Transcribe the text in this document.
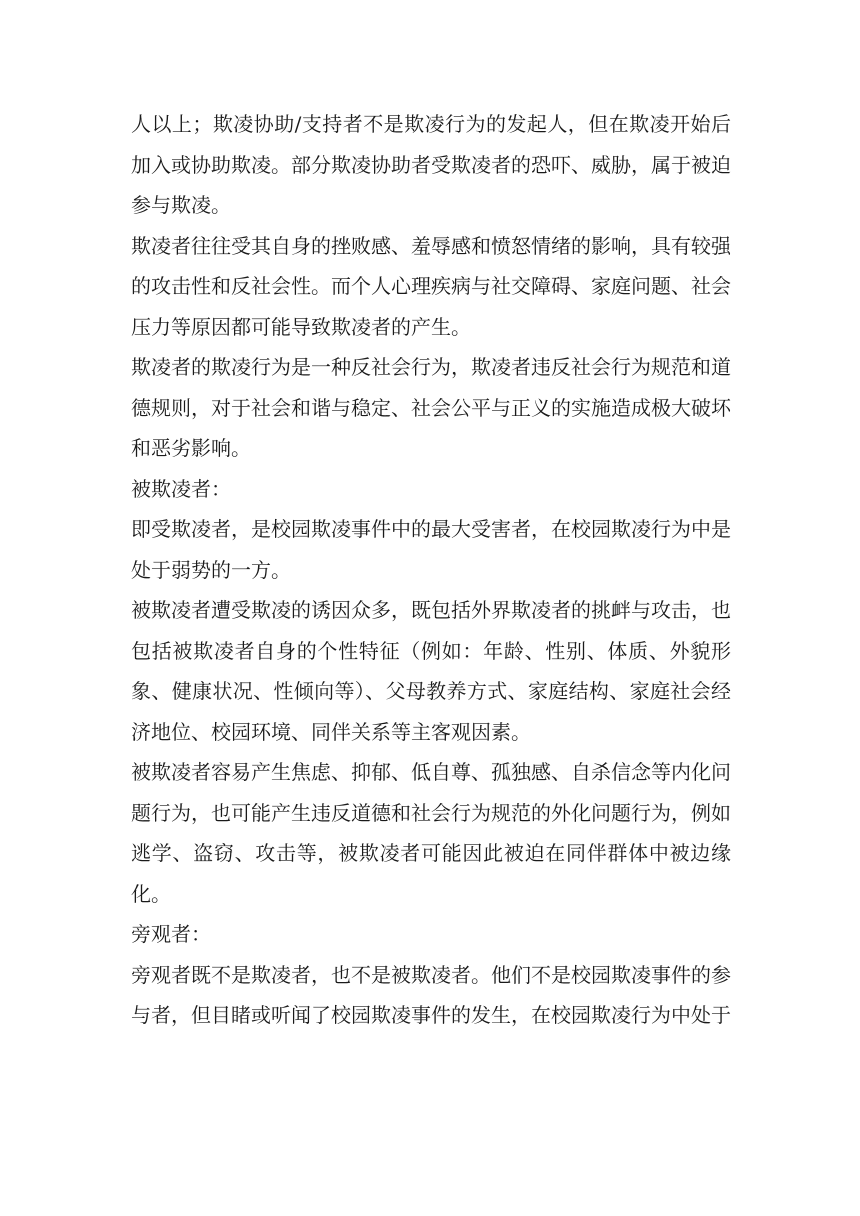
人以上；欺凌协助/支持者不是欺凌行为的发起人，但在欺凌开始后加入或协助欺凌。部分欺凌协助者受欺凌者的恐吓、威胁，属于被迫参与欺凌。

欺凌者往往受其自身的挫败感、羞辱感和愤怒情绪的影响，具有较强的攻击性和反社会性。而个人心理疾病与社交障碍、家庭问题、社会压力等原因都可能导致欺凌者的产生。

欺凌者的欺凌行为是一种反社会行为，欺凌者违反社会行为规范和道德规则，对于社会和谐与稳定、社会公平与正义的实施造成极大破坏和恶劣影响。

被欺凌者：

即受欺凌者，是校园欺凌事件中的最大受害者，在校园欺凌行为中是处于弱势的一方。

被欺凌者遭受欺凌的诱因众多，既包括外界欺凌者的挑衅与攻击，也包括被欺凌者自身的个性特征（例如：年龄、性别、体质、外貌形象、健康状况、性倾向等）、父母教养方式、家庭结构、家庭社会经济地位、校园环境、同伴关系等主客观因素。

被欺凌者容易产生焦虑、抑郁、低自尊、孤独感、自杀信念等内化问题行为，也可能产生违反道德和社会行为规范的外化问题行为，例如逃学、盗窃、攻击等，被欺凌者可能因此被迫在同伴群体中被边缘化。

旁观者：

旁观者既不是欺凌者，也不是被欺凌者。他们不是校园欺凌事件的参与者，但目睹或听闻了校园欺凌事件的发生，在校园欺凌行为中处于
